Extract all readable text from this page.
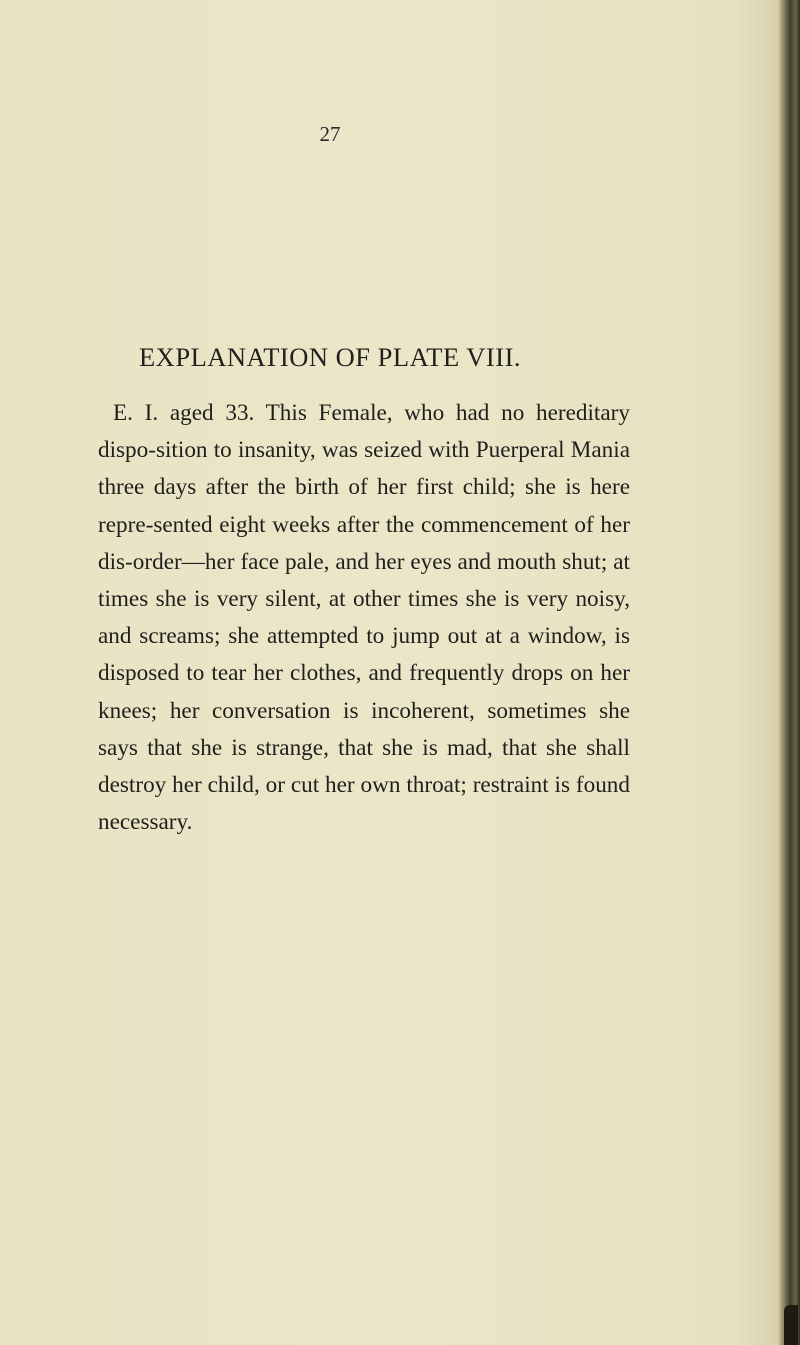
27
EXPLANATION OF PLATE VIII.
E. I. aged 33. This Female, who had no hereditary dispo-sition to insanity, was seized with Puerperal Mania three days after the birth of her first child; she is here repre-sented eight weeks after the commencement of her dis-order—her face pale, and her eyes and mouth shut; at times she is very silent, at other times she is very noisy, and screams; she attempted to jump out at a window, is disposed to tear her clothes, and frequently drops on her knees; her conversation is incoherent, sometimes she says that she is strange, that she is mad, that she shall destroy her child, or cut her own throat; restraint is found necessary.
